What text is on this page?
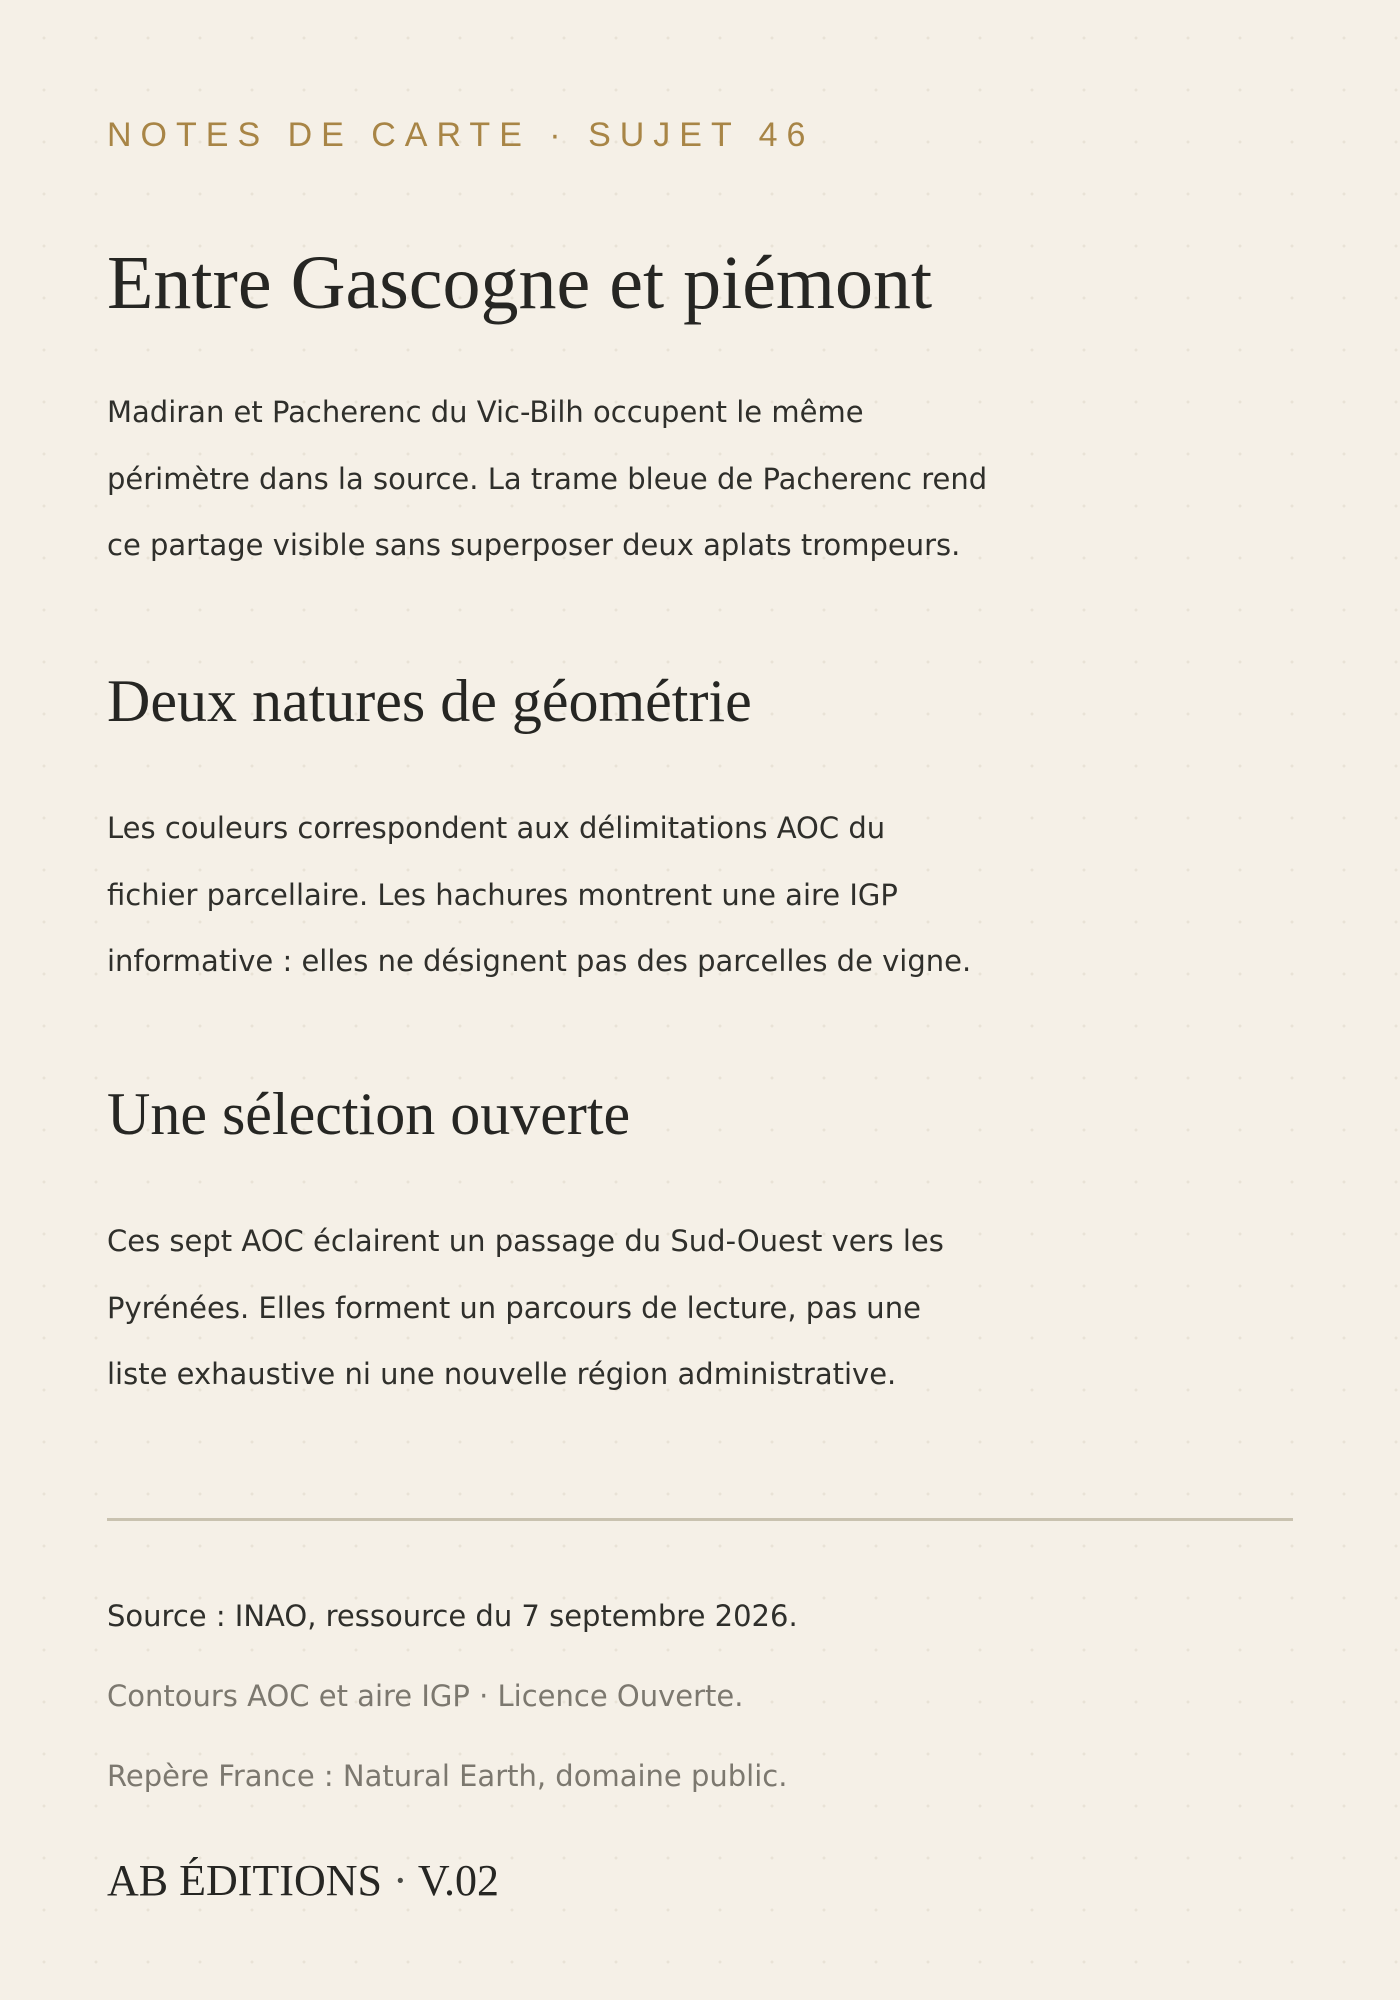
NOTES DE CARTE · SUJET 46

Entre Gascogne et piémont
Madiran et Pacherenc du Vic-Bilh occupent le même
périmètre dans la source. La trame bleue de Pacherenc rend
ce partage visible sans superposer deux aplats trompeurs.
Deux natures de géométrie
Les couleurs correspondent aux délimitations AOC du
fichier parcellaire. Les hachures montrent une aire IGP
informative : elles ne désignent pas des parcelles de vigne.
Une sélection ouverte
Ces sept AOC éclairent un passage du Sud-Ouest vers les
Pyrénées. Elles forment un parcours de lecture, pas une
liste exhaustive ni une nouvelle région administrative.

Source : INAO, ressource du 7 septembre 2026.

Contours AOC et aire IGP · Licence Ouverte.

Repère France : Natural Earth, domaine public.

AB ÉDITIONS · V.02
